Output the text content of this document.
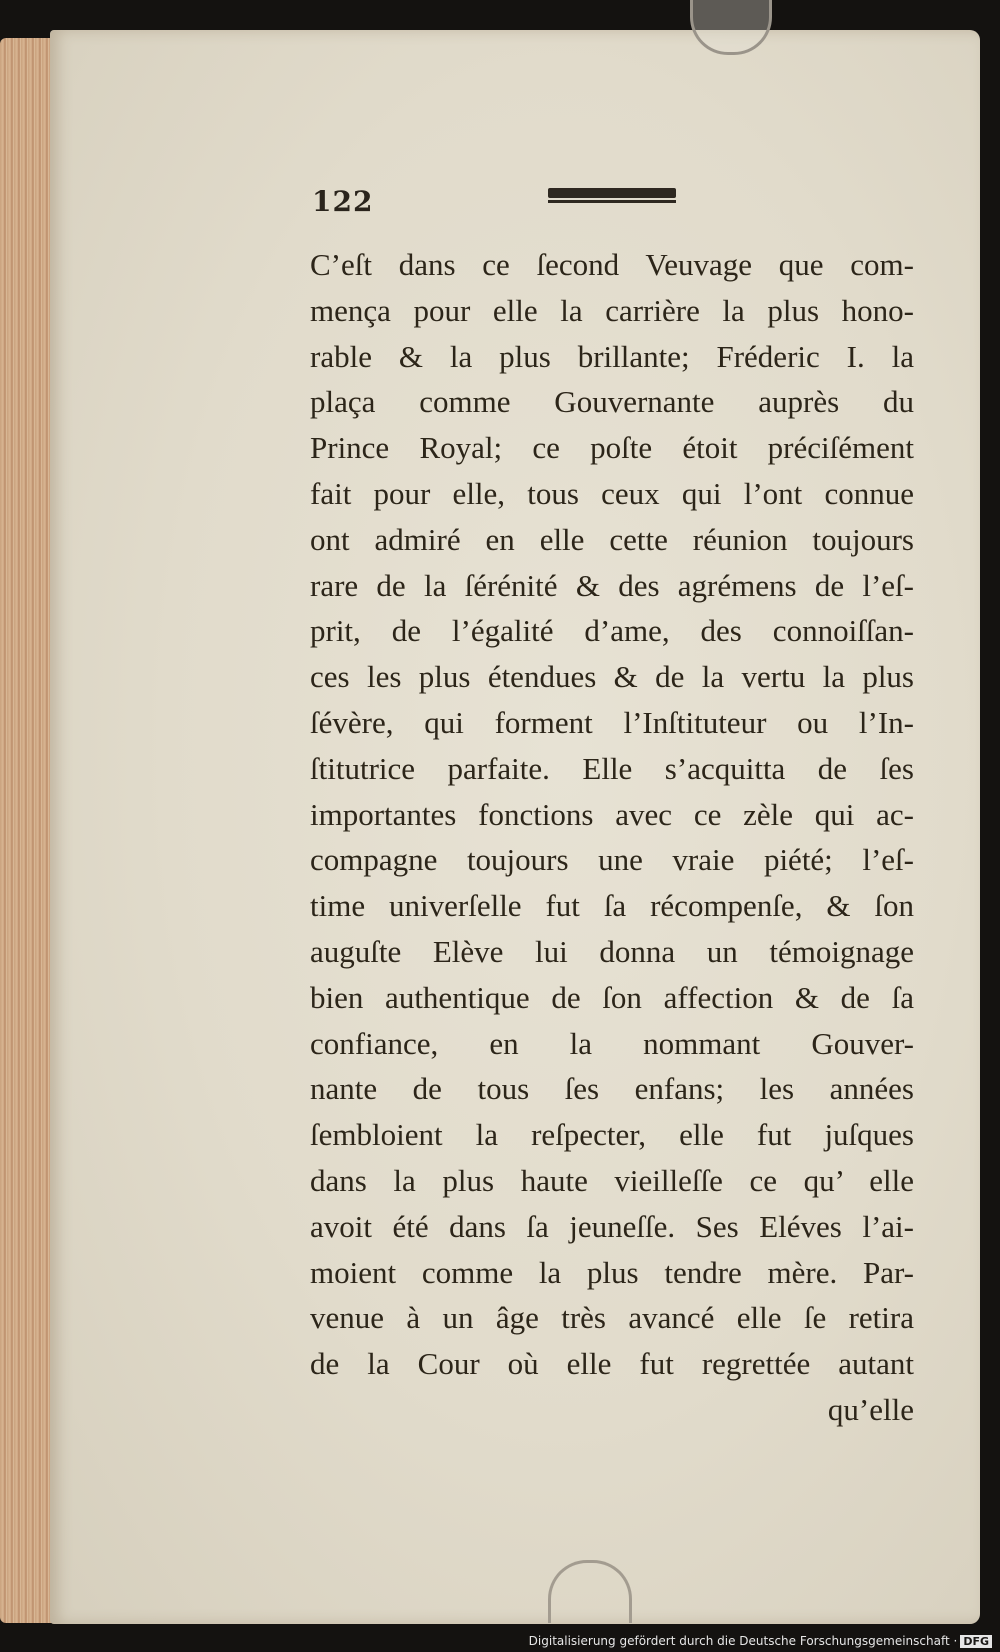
122
C’eſt dans ce ſecond Veuvage que com-
mença pour elle la carrière la plus hono-
rable & la plus brillante; Fréderic I. la
plaça comme Gouvernante auprès du
Prince Royal; ce poſte étoit préciſément
fait pour elle, tous ceux qui l’ont connue
ont admiré en elle cette réunion toujours
rare de la ſérénité & des agrémens de l’eſ-
prit, de l’égalité d’ame, des connoiſſan-
ces les plus étendues & de la vertu la plus
ſévère, qui forment l’Inſtituteur ou l’In-
ſtitutrice parfaite. Elle s’acquitta de ſes
importantes fonctions avec ce zèle qui ac-
compagne toujours une vraie piété; l’eſ-
time univerſelle fut ſa récompenſe, & ſon
auguſte Elève lui donna un témoignage
bien authentique de ſon affection & de ſa
confiance, en la nommant Gouver-
nante de tous ſes enfans; les années
ſembloient la reſpecter, elle fut juſques
dans la plus haute vieilleſſe ce qu’ elle
avoit été dans ſa jeuneſſe. Ses Eléves l’ai-
moient comme la plus tendre mère. Par-
venue à un âge très avancé elle ſe retira
de la Cour où elle fut regrettée autant
qu’elle
Digitalisierung gefördert durch die Deutsche Forschungsgemeinschaft · DFG
